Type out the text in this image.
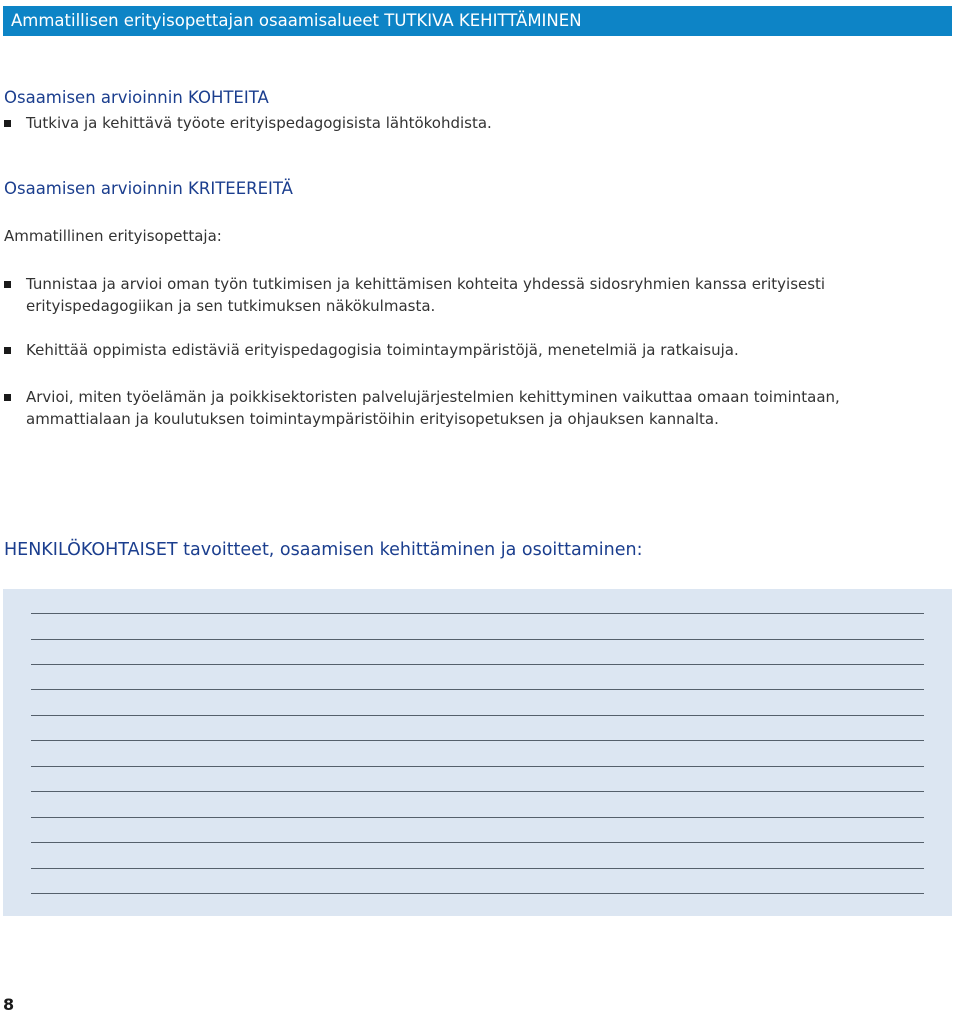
Ammatillisen erityisopettajan osaamisalueet TUTKIVA KEHITTÄMINEN
Osaamisen arvioinnin KOHTEITA
Tutkiva ja kehittävä työote erityispedagogisista lähtökohdista.
Osaamisen arvioinnin KRITEEREITÄ
Ammatillinen erityisopettaja:
Tunnistaa ja arvioi oman työn tutkimisen ja kehittämisen kohteita yhdessä sidosryhmien kanssa erityisesti
erityispedagogiikan ja sen tutkimuksen näkökulmasta.
Kehittää oppimista edistäviä erityispedagogisia toimintaympäristöjä, menetelmiä ja ratkaisuja.
Arvioi, miten työelämän ja poikkisektoristen palvelujärjestelmien kehittyminen vaikuttaa omaan toimintaan,
ammattialaan ja koulutuksen toimintaympäristöihin erityisopetuksen ja ohjauksen kannalta.
HENKILÖKOHTAISET tavoitteet, osaamisen kehittäminen ja osoittaminen:
8
